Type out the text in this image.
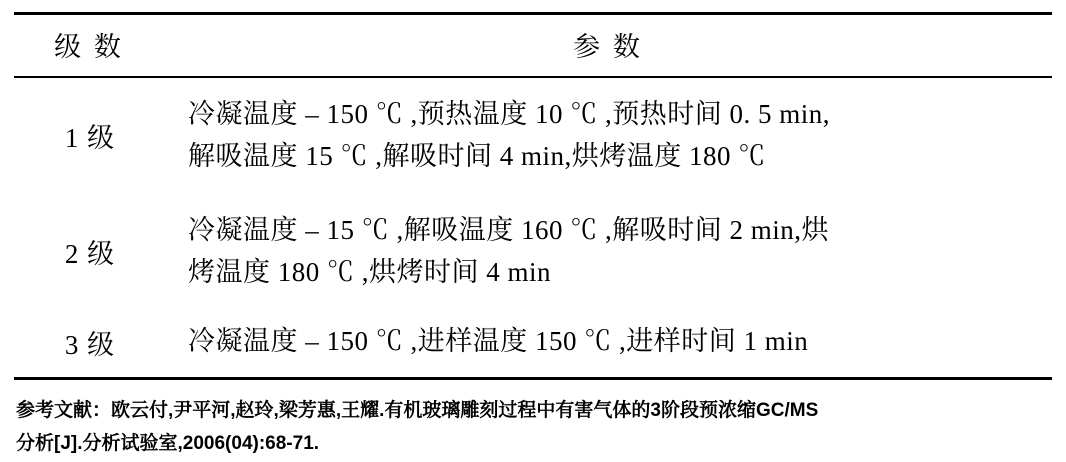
级 数	参 数
1 级	冷凝温度 – 150 ℃ ,预热温度 10 ℃ ,预热时间 0. 5 min,
解吸温度 15 ℃ ,解吸时间 4 min,烘烤温度 180 ℃

2 级	冷凝温度 – 15 ℃ ,解吸温度 160 ℃ ,解吸时间 2 min,烘
烤温度 180 ℃ ,烘烤时间 4 min

3 级	冷凝温度 – 150 ℃ ,进样温度 150 ℃ ,进样时间 1 min
参考文献：欧云付,尹平河,赵玲,梁芳惠,王耀.有机玻璃雕刻过程中有害气体的3阶段预浓缩GC/MS
分析[J].分析试验室,2006(04):68-71.
